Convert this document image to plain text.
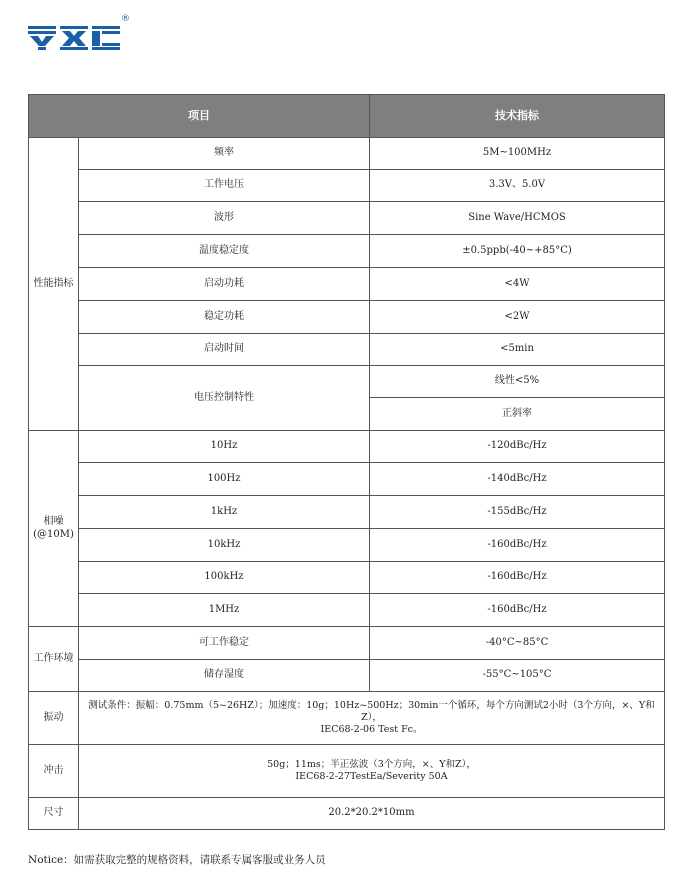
®
项目		技术指标
性能指标	频率	5M~100MHz
	工作电压	3.3V、5.0V
	波形	Sine Wave/HCMOS
	温度稳定度	±0.5ppb(-40~+85°C)
	启动功耗	<4W
	稳定功耗	<2W
	启动时间	<5min
	电压控制特性	线性<5%
		正斜率
相噪
(@10M)	10Hz	-120dBc/Hz
	100Hz	-140dBc/Hz
	1kHz	-155dBc/Hz
	10kHz	-160dBc/Hz
	100kHz	-160dBc/Hz
	1MHz	-160dBc/Hz
工作环境	可工作稳定	-40°C~85°C
	储存湿度	-55°C~105°C
振动	测试条件：振幅：0.75mm（5~26HZ）；加速度：10g；10Hz~500Hz；30min一个循环，每个方向测试2小时（3个方向，×、Y和Z），
IEC68-2-06 Test Fc。	

冲击	50g；11ms；半正弦波（3个方向，×、Y和Z），
IEC68-2-27TestEa/Severity 50A	

尺寸	20.2*20.2*10mm	
Notice：如需获取完整的规格资料，请联系专属客服或业务人员
